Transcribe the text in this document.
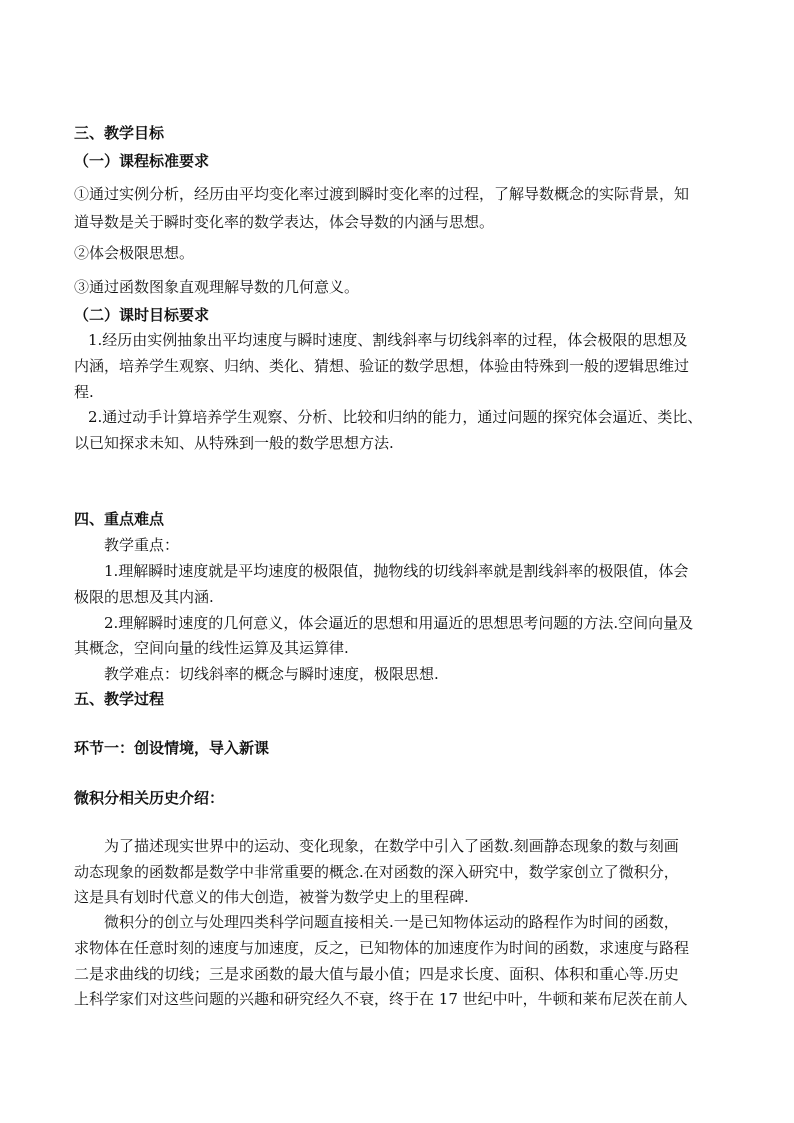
三、教学目标
（一）课程标准要求
①通过实例分析，经历由平均变化率过渡到瞬时变化率的过程，了解导数概念的实际背景，知
道导数是关于瞬时变化率的数学表达，体会导数的内涵与思想。
②体会极限思想。
③通过函数图象直观理解导数的几何意义。
（二）课时目标要求
1.经历由实例抽象出平均速度与瞬时速度、割线斜率与切线斜率的过程，体会极限的思想及
内涵，培养学生观察、归纳、类化、猜想、验证的数学思想，体验由特殊到一般的逻辑思维过
程.
2.通过动手计算培养学生观察、分析、比较和归纳的能力，通过问题的探究体会逼近、类比、
以已知探求未知、从特殊到一般的数学思想方法.
四、重点难点
教学重点：
1.理解瞬时速度就是平均速度的极限值，抛物线的切线斜率就是割线斜率的极限值，体会
极限的思想及其内涵.
2.理解瞬时速度的几何意义，体会逼近的思想和用逼近的思想思考问题的方法.空间向量及
其概念，空间向量的线性运算及其运算律.
教学难点：切线斜率的概念与瞬时速度，极限思想.
五、教学过程
环节一：创设情境，导入新课
微积分相关历史介绍：
为了描述现实世界中的运动、变化现象，在数学中引入了函数.刻画静态现象的数与刻画
动态现象的函数都是数学中非常重要的概念.在对函数的深入研究中，数学家创立了微积分，
这是具有划时代意义的伟大创造，被誉为数学史上的里程碑.
微积分的创立与处理四类科学问题直接相关.一是已知物体运动的路程作为时间的函数，
求物体在任意时刻的速度与加速度，反之，已知物体的加速度作为时间的函数，求速度与路程
二是求曲线的切线；三是求函数的最大值与最小值；四是求长度、面积、体积和重心等.历史
上科学家们对这些问题的兴趣和研究经久不衰，终于在 17 世纪中叶，牛顿和莱布尼茨在前人
